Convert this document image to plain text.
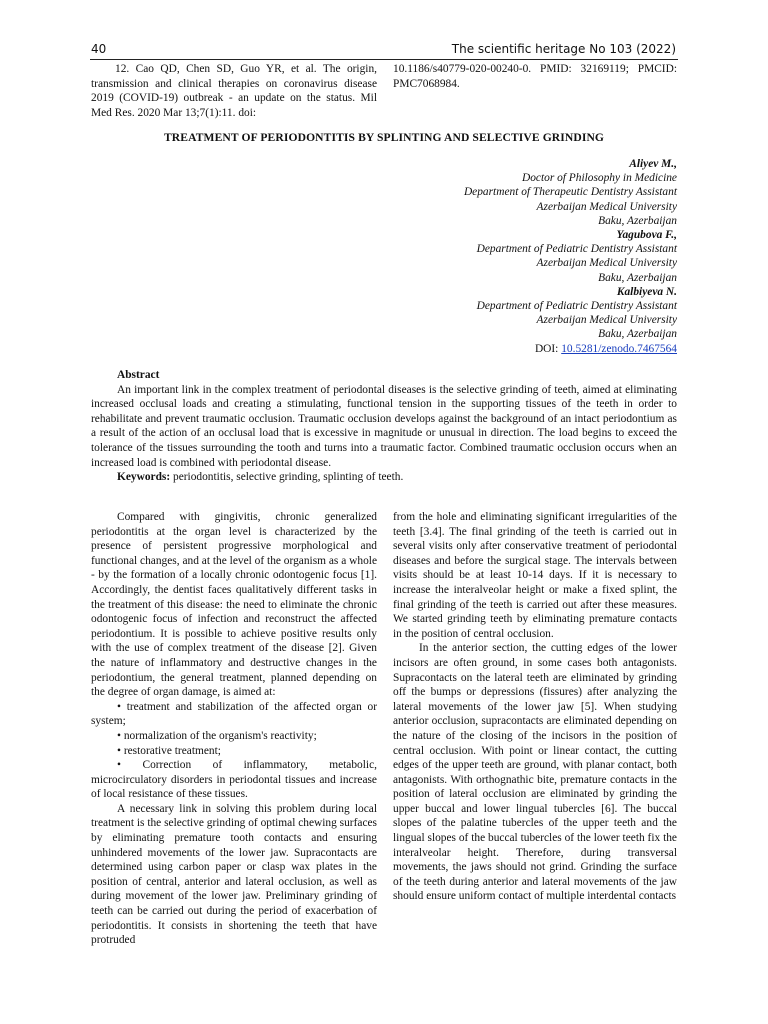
40	The scientific heritage No 103 (2022)
12. Cao QD, Chen SD, Guo YR, et al. The origin, transmission and clinical therapies on coronavirus disease 2019 (COVID-19) outbreak - an update on the status. Mil Med Res. 2020 Mar 13;7(1):11. doi:
10.1186/s40779-020-00240-0. PMID: 32169119; PMCID: PMC7068984.
TREATMENT OF PERIODONTITIS BY SPLINTING AND SELECTIVE GRINDING
Aliyev M.,
Doctor of Philosophy in Medicine
Department of Therapeutic Dentistry Assistant
Azerbaijan Medical University
Baku, Azerbaijan
Yagubova F.,
Department of Pediatric Dentistry Assistant
Azerbaijan Medical University
Baku, Azerbaijan
Kalbiyeva N.
Department of Pediatric Dentistry Assistant
Azerbaijan Medical University
Baku, Azerbaijan
DOI: 10.5281/zenodo.7467564
Abstract
An important link in the complex treatment of periodontal diseases is the selective grinding of teeth, aimed at eliminating increased occlusal loads and creating a stimulating, functional tension in the supporting tissues of the teeth in order to rehabilitate and prevent traumatic occlusion. Traumatic occlusion develops against the background of an intact periodontium as a result of the action of an occlusal load that is excessive in magnitude or unusual in direction. The load begins to exceed the tolerance of the tissues surrounding the tooth and turns into a traumatic factor. Combined traumatic occlusion occurs when an increased load is combined with periodontal disease.
Keywords: periodontitis, selective grinding, splinting of teeth.

Compared with gingivitis, chronic generalized periodontitis at the organ level is characterized by the presence of persistent progressive morphological and functional changes, and at the level of the organism as a whole - by the formation of a locally chronic odontogenic focus [1]. Accordingly, the dentist faces qualitatively different tasks in the treatment of this disease: the need to eliminate the chronic odontogenic focus of infection and reconstruct the affected periodontium. It is possible to achieve positive results only with the use of complex treatment of the disease [2]. Given the nature of inflammatory and destructive changes in the periodontium, the general treatment, planned depending on the degree of organ damage, is aimed at:

• treatment and stabilization of the affected organ or system;

• normalization of the organism's reactivity;

• restorative treatment;

• Correction of inflammatory, metabolic, microcirculatory disorders in periodontal tissues and increase of local resistance of these tissues.

A necessary link in solving this problem during local treatment is the selective grinding of optimal chewing surfaces by eliminating premature tooth contacts and ensuring unhindered movements of the lower jaw. Supracontacts are determined using carbon paper or clasp wax plates in the position of central, anterior and lateral occlusion, as well as during movement of the lower jaw. Preliminary grinding of teeth can be carried out during the period of exacerbation of periodontitis. It consists in shortening the teeth that have protruded

from the hole and eliminating significant irregularities of the teeth [3.4]. The final grinding of the teeth is carried out in several visits only after conservative treatment of periodontal diseases and before the surgical stage. The intervals between visits should be at least 10-14 days. If it is necessary to increase the interalveolar height or make a fixed splint, the final grinding of the teeth is carried out after these measures. We started grinding teeth by eliminating premature contacts in the position of central occlusion.

In the anterior section, the cutting edges of the lower incisors are often ground, in some cases both antagonists. Supracontacts on the lateral teeth are eliminated by grinding off the bumps or depressions (fissures) after analyzing the lateral movements of the lower jaw [5]. When studying anterior occlusion, supracontacts are eliminated depending on the nature of the closing of the incisors in the position of central occlusion. With point or linear contact, the cutting edges of the upper teeth are ground, with planar contact, both antagonists. With orthognathic bite, premature contacts in the position of lateral occlusion are eliminated by grinding the upper buccal and lower lingual tubercles [6]. The buccal slopes of the palatine tubercles of the upper teeth and the lingual slopes of the buccal tubercles of the lower teeth fix the interalveolar height. Therefore, during transversal movements, the jaws should not grind. Grinding the surface of the teeth during anterior and lateral movements of the jaw should ensure uniform contact of multiple interdental contacts
